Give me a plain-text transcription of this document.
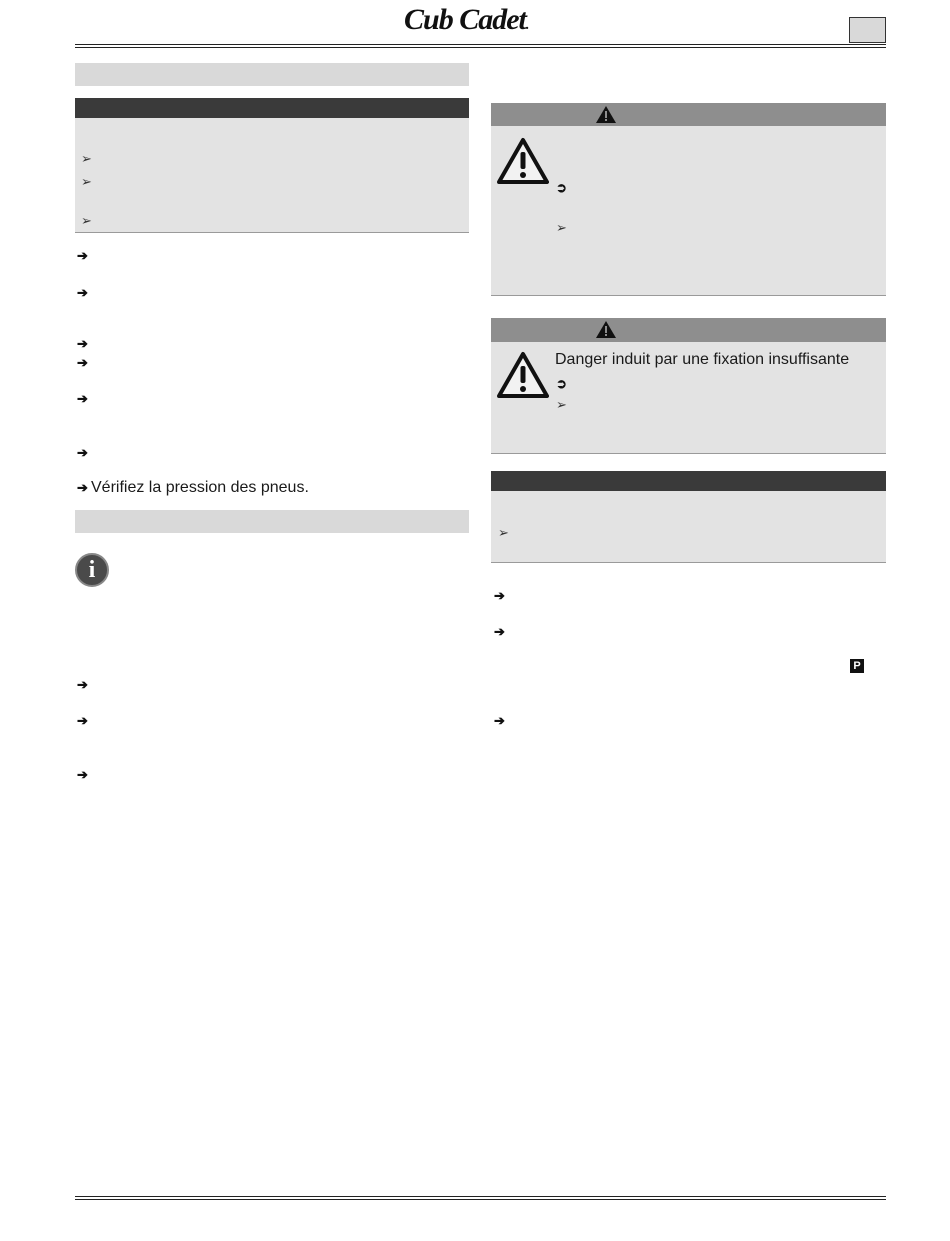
Cub Cadet.
➢
➢
➢
➔
➔
➔
➔
➔
➔
➔ Vérifiez la pression des pneus.
i
➔
➔
➔
➲
➢
Danger induit par une fixation insuffisante
➲
➢
➢
➔
➔
P
➔
